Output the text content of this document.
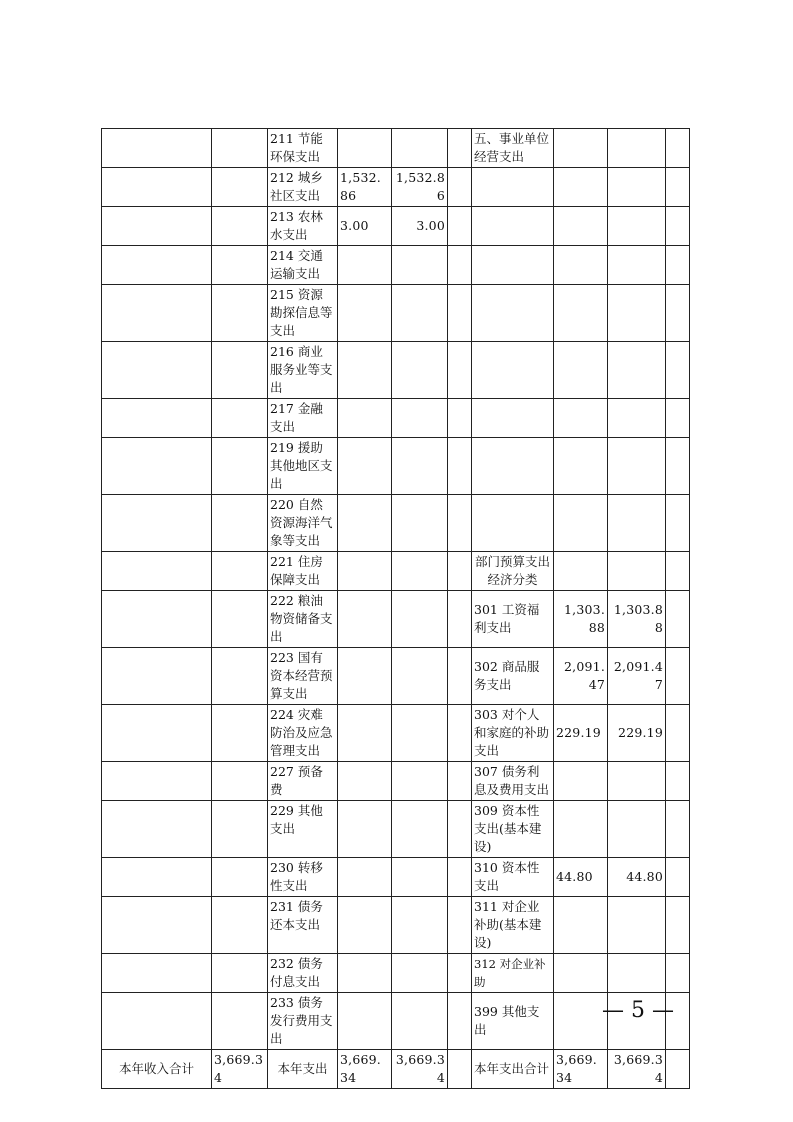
		211 节能环保支出				五、事业单位经营支出			
		212 城乡社区支出	1,532.86	1,532.86					
		213 农林水支出	3.00	3.00					
		214 交通运输支出							
		215 资源勘探信息等支出							
		216 商业服务业等支出							
		217 金融支出							
		219 援助其他地区支出							
		220 自然资源海洋气象等支出							
		221 住房保障支出				部门预算支出经济分类			
		222 粮油物资储备支出				301 工资福利支出	1,303.88	1,303.88	
		223 国有资本经营预算支出				302 商品服务支出	2,091.47	2,091.47	
		224 灾难防治及应急管理支出				303 对个人和家庭的补助支出	229.19	229.19	
		227 预备费				307 债务利息及费用支出			
		229 其他支出				309 资本性支出(基本建设)			
		230 转移性支出				310 资本性支出	44.80	44.80	
		231 债务还本支出				311 对企业补助(基本建设)			
		232 债务付息支出				312 对企业补助			
		233 债务发行费用支出				399 其他支出			
本年收入合计	3,669.34	本年支出	3,669.34	3,669.34		本年支出合计	3,669.34	3,669.34	
— 5 —
